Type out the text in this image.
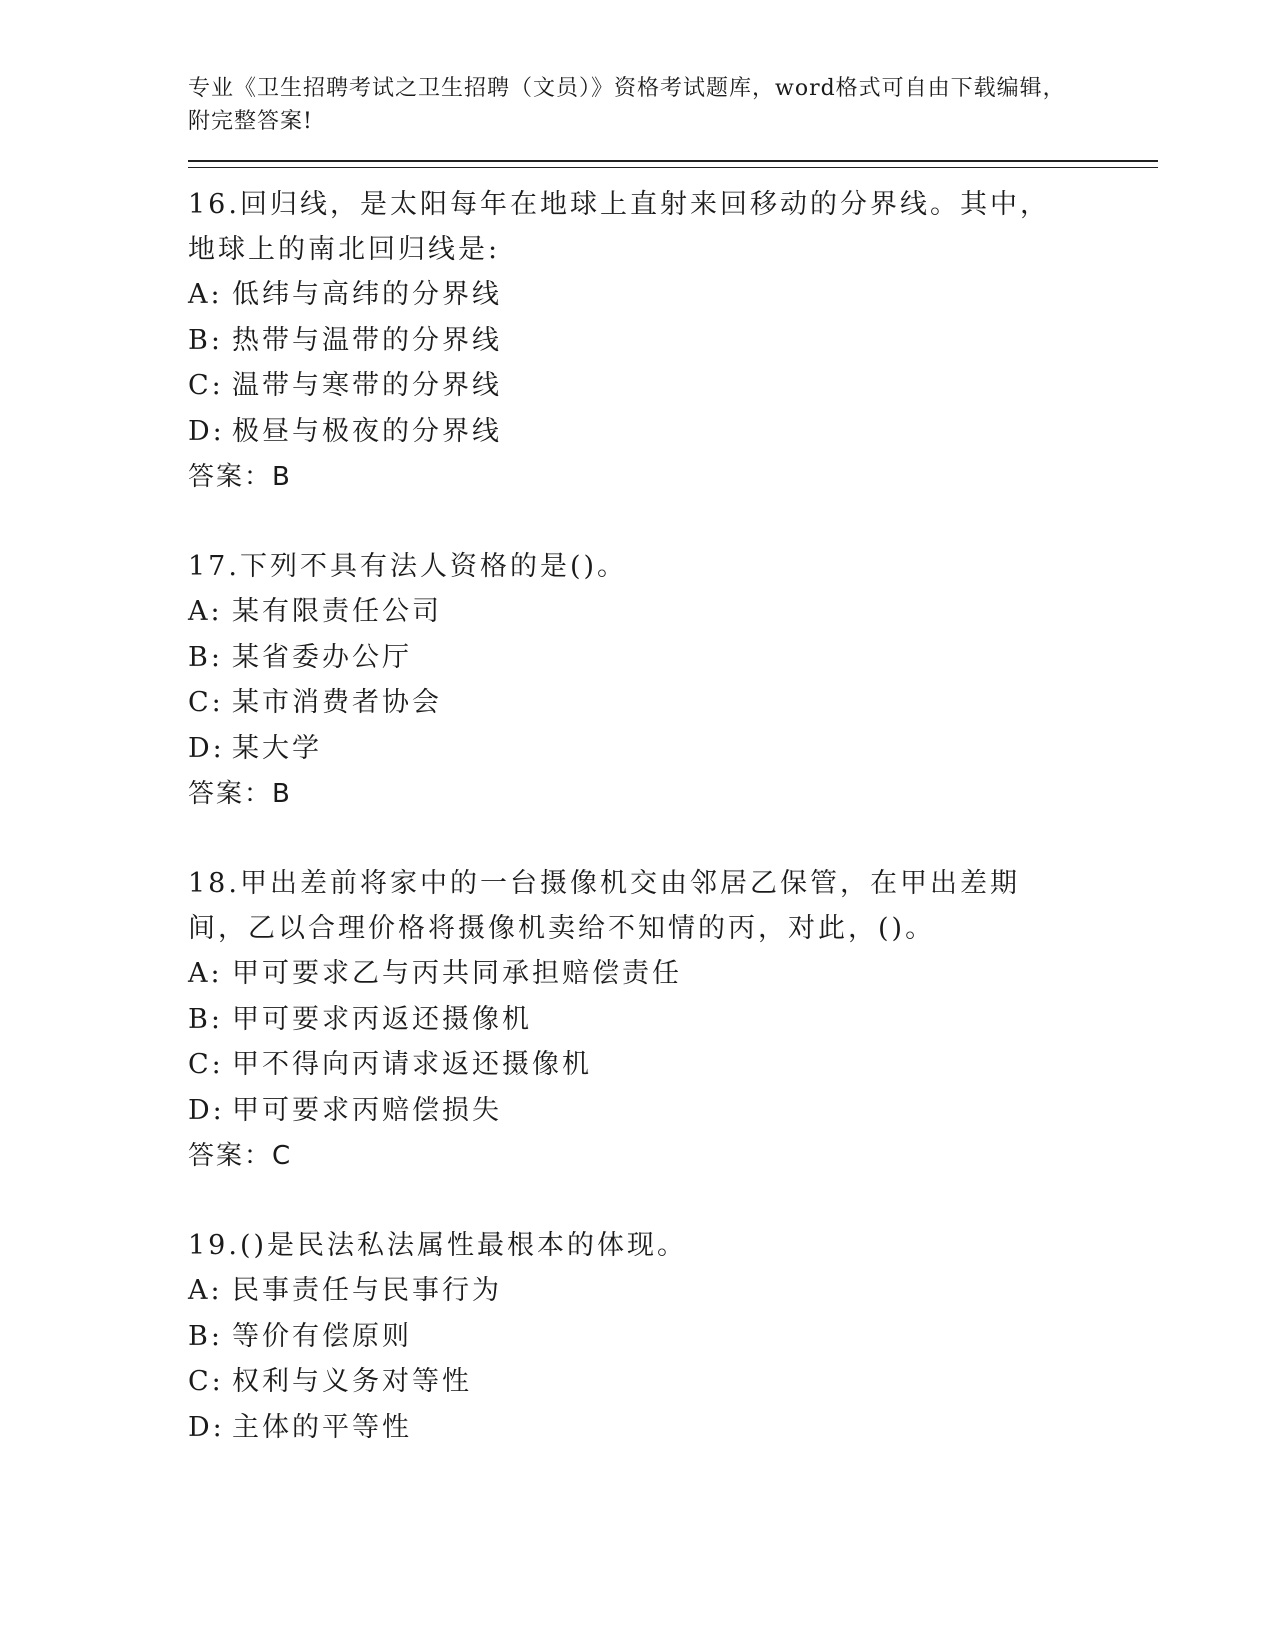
专业《卫生招聘考试之卫生招聘（文员）》资格考试题库，word格式可自由下载编辑，附完整答案!

16.回归线，是太阳每年在地球上直射来回移动的分界线。其中，地球上的南北回归线是:

A: 低纬与高纬的分界线
B: 热带与温带的分界线
C: 温带与寒带的分界线
D: 极昼与极夜的分界线
答案：B

17.下列不具有法人资格的是()。

A: 某有限责任公司
B: 某省委办公厅
C: 某市消费者协会
D: 某大学
答案：B

18.甲出差前将家中的一台摄像机交由邻居乙保管，在甲出差期间，乙以合理价格将摄像机卖给不知情的丙，对此，()。

A: 甲可要求乙与丙共同承担赔偿责任
B: 甲可要求丙返还摄像机
C: 甲不得向丙请求返还摄像机
D: 甲可要求丙赔偿损失
答案：C

19.()是民法私法属性最根本的体现。

A: 民事责任与民事行为
B: 等价有偿原则
C: 权利与义务对等性
D: 主体的平等性
